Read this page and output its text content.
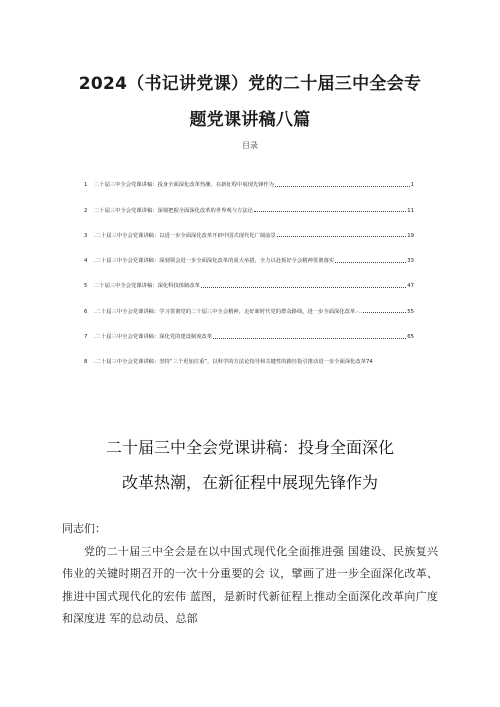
2024（书记讲党课）党的二十届三中全会专
题党课讲稿八篇
目录
1	二十届三中全会党课讲稿：投身全面深化改革热潮，在新征程中展现先锋作为	1
2	二十届三中全会党课讲稿：深刻把握全面深化改革的世界观与方法论	11
3	.二十届三中全会党课讲稿：以进一步全面深化改革开辟中国式现代化广阔前景	19
4	.二十届三中全会党课讲稿：深刻领会进一步全面深化改革的重大举措，全力以赴抓好全会精神贯彻落实	33
5	二十届三中全会党课讲稿：深化科技体制改革	47
6	.二十届三中全会党课讲稿：学习贯彻党的二十届三中全会精神，走好新时代党的群众路线，进一步全面深化改革.·..	55
7	.二十届三中全会党课讲稿：深化党的建设制度改革	65
8	.二十届三中全会党课讲稿：坚持“三个更加注重”，以科学的方法论指导和关键性的路径指引推动进一步全面深化改革 74
二十届三中全会党课讲稿：投身全面深化
改革热潮，在新征程中展现先锋作为

同志们：

党的二十届三中全会是在以中国式现代化全面推进强 国建设、民族复兴伟业的关键时期召开的一次十分重要的会 议，擘画了进一步全面深化改革、推进中国式现代化的宏伟 蓝图，是新时代新征程上推动全面深化改革向广度和深度进 军的总动员、总部
